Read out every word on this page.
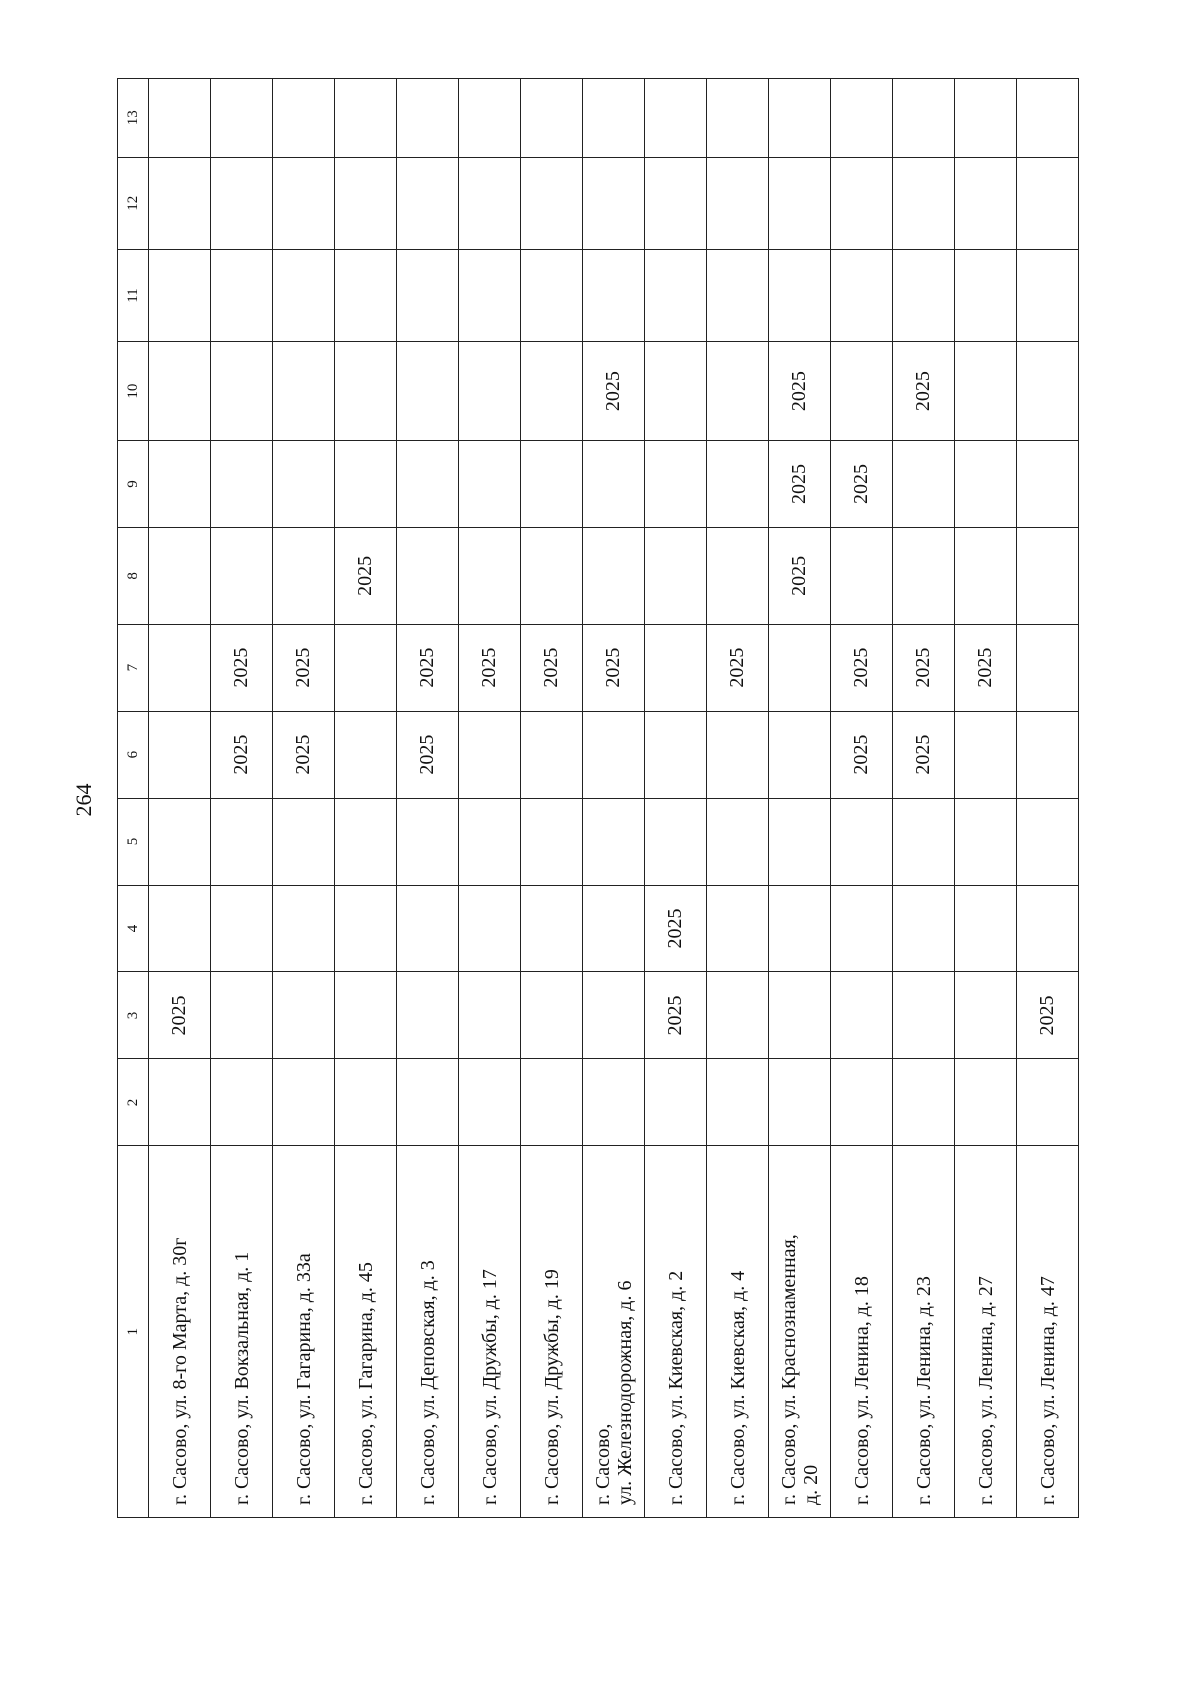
264
1	2	3	4	5	6	7	8	9	10	11	12	13
г. Сасово, ул. 8-го Марта, д. 30г		2025										
г. Сасово, ул. Вокзальная, д. 1					2025	2025						
г. Сасово, ул. Гагарина, д. 33а					2025	2025						
г. Сасово, ул. Гагарина, д. 45							2025					
г. Сасово, ул. Деповская, д. 3					2025	2025						
г. Сасово, ул. Дружбы, д. 17						2025						
г. Сасово, ул. Дружбы, д. 19						2025						

г. Сасово, ул. Железнодорожная, д. 6						2025			2025			
г. Сасово, ул. Киевская, д. 2		2025	2025									
г. Сасово, ул. Киевская, д. 4						2025						

г. Сасово, ул. Краснознаменная, д. 20							2025	2025	2025			
г. Сасово, ул. Ленина, д. 18					2025	2025		2025				
г. Сасово, ул. Ленина, д. 23					2025	2025			2025			
г. Сасово, ул. Ленина, д. 27						2025						
г. Сасово, ул. Ленина, д. 47		2025										
